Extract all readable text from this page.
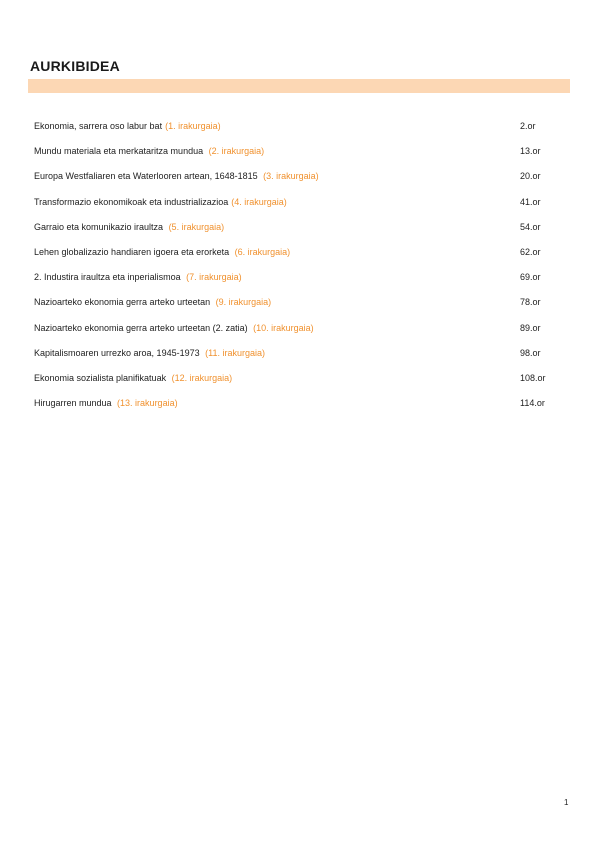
AURKIBIDEA
Ekonomia, sarrera oso labur bat (1. irakurgaia)	2.or
Mundu materiala eta merkataritza mundua (2. irakurgaia)	13.or
Europa Westfaliaren eta Waterlooren artean, 1648-1815 (3. irakurgaia)	20.or
Transformazio ekonomikoak eta industrializazioa (4. irakurgaia)	41.or
Garraio eta komunikazio iraultza (5. irakurgaia)	54.or
Lehen globalizazio handiaren igoera eta erorketa (6. irakurgaia)	62.or
2. Industira iraultza eta inperialismoa (7. irakurgaia)	69.or
Nazioarteko ekonomia gerra arteko urteetan (9. irakurgaia)	78.or
Nazioarteko ekonomia gerra arteko urteetan (2. zatia) (10. irakurgaia)	89.or
Kapitalismoaren urrezko aroa, 1945-1973 (11. irakurgaia)	98.or
Ekonomia sozialista planifikatuak (12. irakurgaia)	108.or
Hirugarren mundua (13. irakurgaia)	114.or
1
